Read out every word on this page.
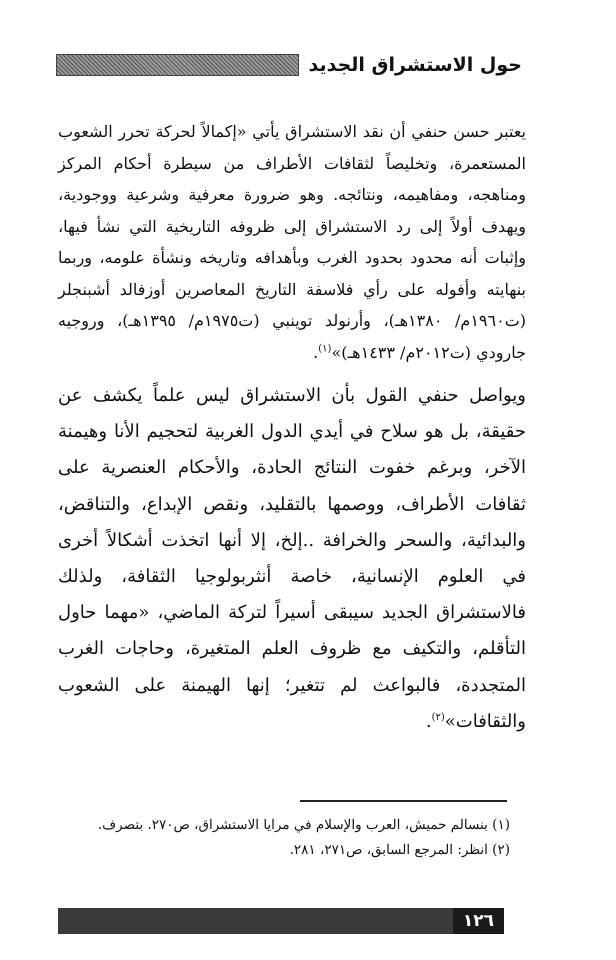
حول الاستشراق الجديد

يعتبر حسن حنفي أن نقد الاستشراق يأتي «إكمالاً لحركة تحرر الشعوب المستعمرة، وتخليصاً لثقافات الأطراف من سيطرة أحكام المركز ومناهجه، ومفاهيمه، ونتائجه. وهو ضرورة معرفية وشرعية ووجودية، ويهدف أولاً إلى رد الاستشراق إلى ظروفه التاريخية التي نشأ فيها، وإثبات أنه محدود بحدود الغرب وبأهدافه وتاريخه ونشأة علومه، وربما بنهايته وأفوله على رأي فلاسفة التاريخ المعاصرين أوزفالد أشبنجلر (ت١٩٦٠م/ ١٣٨٠هـ)، وأرنولد توينبي (ت١٩٧٥م/ ١٣٩٥هـ)، وروجيه جارودي (ت٢٠١٢م/ ١٤٣٣هـ)»$^{(١)}$.

ويواصل حنفي القول بأن الاستشراق ليس علماً يكشف عن حقيقة، بل هو سلاح في أيدي الدول الغربية لتحجيم الأنا وهيمنة الآخر، وبرغم خفوت النتائج الحادة، والأحكام العنصرية على ثقافات الأطراف، ووصمها بالتقليد، ونقص الإبداع، والتناقض، والبدائية، والسحر والخرافة ..إلخ، إلا أنها اتخذت أشكالاً أخرى في العلوم الإنسانية، خاصة أنثربولوجيا الثقافة، ولذلك فالاستشراق الجديد سيبقى أسيراً لتركة الماضي، «مهما حاول التأقلم، والتكيف مع ظروف العلم المتغيرة، وحاجات الغرب المتجددة، فالبواعث لم تتغير؛ إنها الهيمنة على الشعوب والثقافات»$^{(٢)}$.

(١) بنسالم حميش، العرب والإسلام في مرايا الاستشراق، ص٢٧٠. بتصرف.

(٢) انظر: المرجع السابق، ص٢٧١، ٢٨١.

١٢٦
